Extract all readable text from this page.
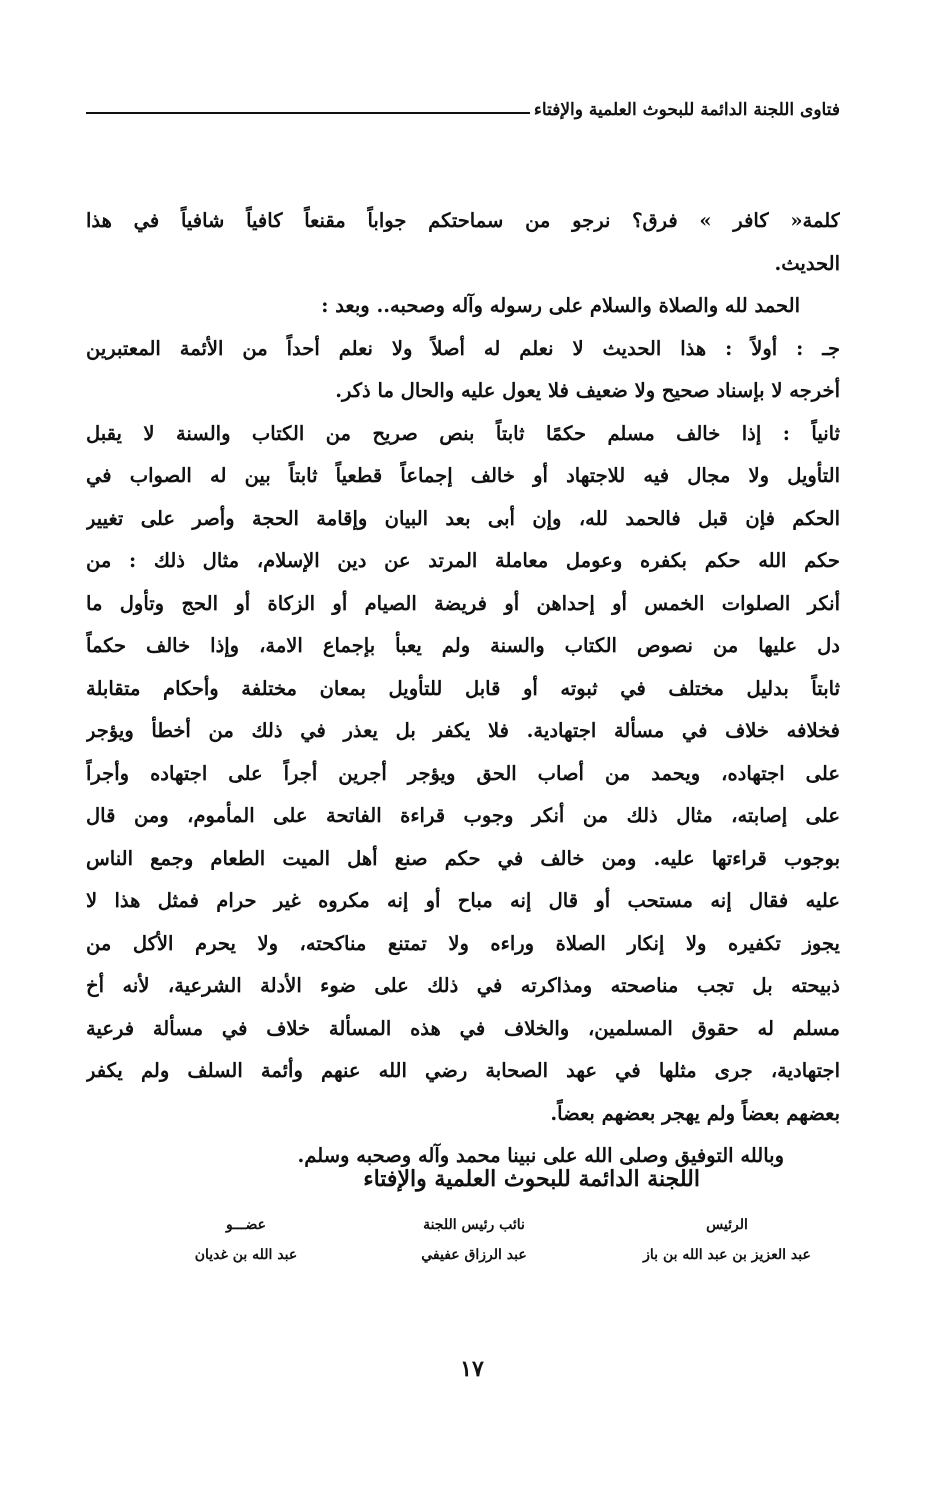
فتاوى اللجنة الدائمة للبحوث العلمية والإفتاء
كلمة« كافر » فرق؟ نرجو من سماحتكم جواباً مقنعاً كافياً شافياً في هذا
الحديث.
الحمد لله والصلاة والسلام على رسوله وآله وصحبه.. وبعد :
جـ : أولاً : هذا الحديث لا نعلم له أصلاً ولا نعلم أحداً من الأئمة المعتبرين
أخرجه لا بإسناد صحيح ولا ضعيف فلا يعول عليه والحال ما ذكر.
ثانياً : إذا خالف مسلم حكمًا ثابتاً بنص صريح من الكتاب والسنة لا يقبل
التأويل ولا مجال فيه للاجتهاد أو خالف إجماعاً قطعياً ثابتاً بين له الصواب في
الحكم فإن قبل فالحمد لله، وإن أبى بعد البيان وإقامة الحجة وأصر على تغيير
حكم الله حكم بكفره وعومل معاملة المرتد عن دين الإسلام، مثال ذلك : من
أنكر الصلوات الخمس أو إحداهن أو فريضة الصيام أو الزكاة أو الحج وتأول ما
دل عليها من نصوص الكتاب والسنة ولم يعبأ بإجماع الامة، وإذا خالف حكماً
ثابتاً بدليل مختلف في ثبوته أو قابل للتأويل بمعان مختلفة وأحكام متقابلة
فخلافه خلاف في مسألة اجتهادية. فلا يكفر بل يعذر في ذلك من أخطأ ويؤجر
على اجتهاده، ويحمد من أصاب الحق ويؤجر أجرين أجراً على اجتهاده وأجراً
على إصابته، مثال ذلك من أنكر وجوب قراءة الفاتحة على المأموم، ومن قال
بوجوب قراءتها عليه. ومن خالف في حكم صنع أهل الميت الطعام وجمع الناس
عليه فقال إنه مستحب أو قال إنه مباح أو إنه مكروه غير حرام فمثل هذا لا
يجوز تكفيره ولا إنكار الصلاة وراءه ولا تمتنع مناكحته، ولا يحرم الأكل من
ذبيحته بل تجب مناصحته ومذاكرته في ذلك على ضوء الأدلة الشرعية، لأنه أخ
مسلم له حقوق المسلمين، والخلاف في هذه المسألة خلاف في مسألة فرعية
اجتهادية، جرى مثلها في عهد الصحابة رضي الله عنهم وأئمة السلف ولم يكفر
بعضهم بعضاً ولم يهجر بعضهم بعضاً.
وبالله التوفيق وصلى الله على نبينا محمد وآله وصحبه وسلم.
اللجنة الدائمة للبحوث العلمية والإفتاء
الرئيس
عبد العزيز بن عبد الله بن باز
نائب رئيس اللجنة
عبد الرزاق عفيفي
عضـــو
عبد الله بن غديان
١٧
